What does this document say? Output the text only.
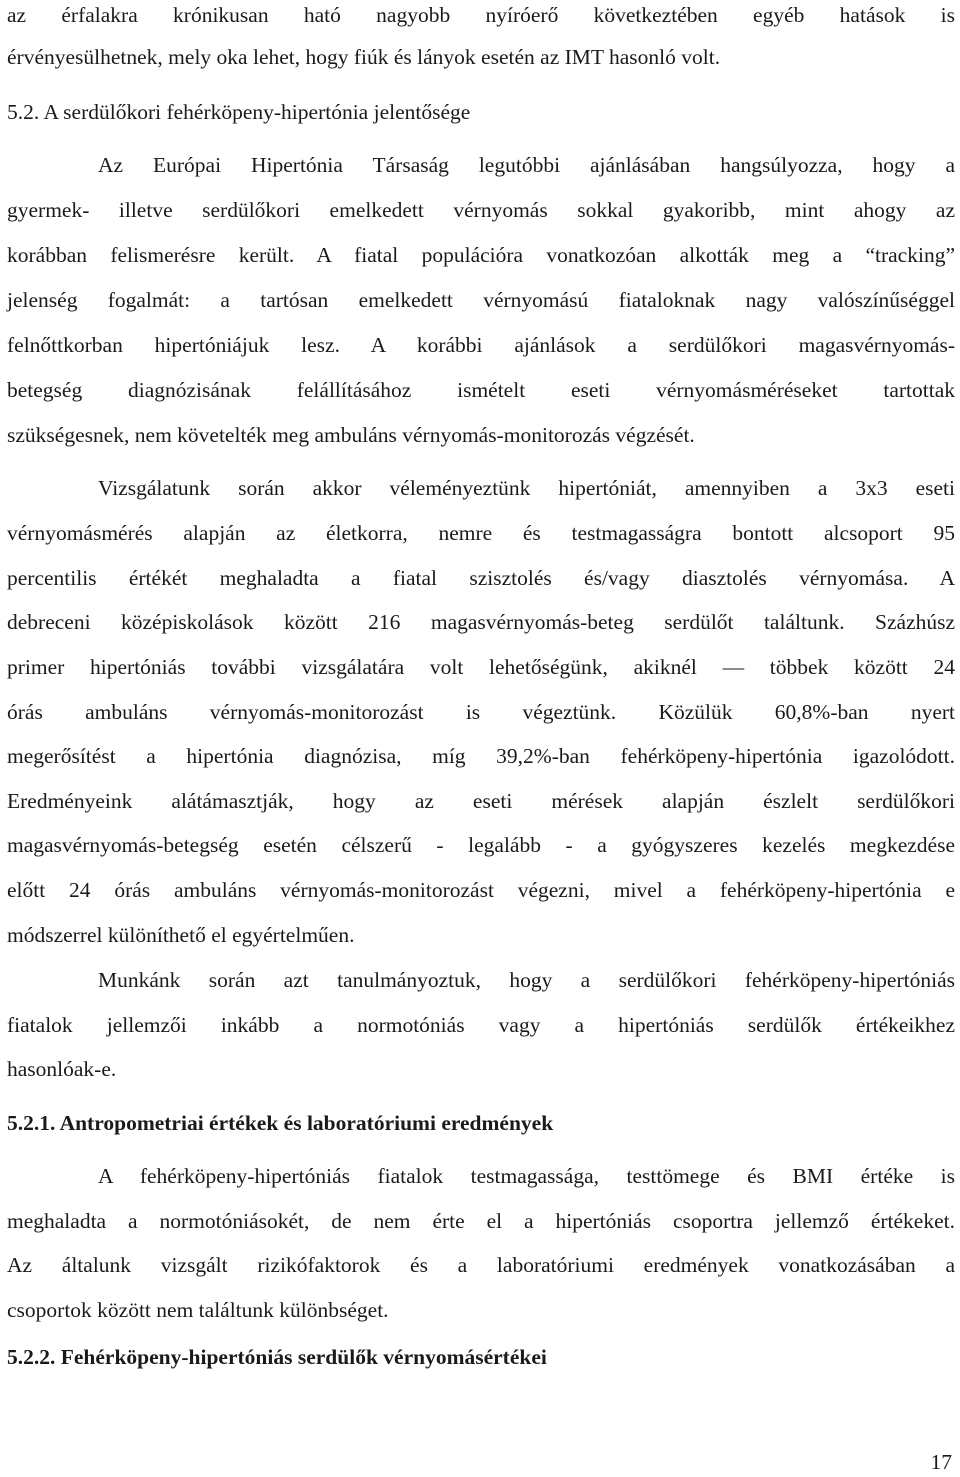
az érfalakra krónikusan ható nagyobb nyíróerő következtében egyéb hatások is
érvényesülhetnek, mely oka lehet, hogy fiúk és lányok esetén az IMT hasonló volt.
5.2. A serdülőkori fehérköpeny-hipertónia jelentősége
Az Európai Hipertónia Társaság legutóbbi ajánlásában hangsúlyozza, hogy a
gyermek- illetve serdülőkori emelkedett vérnyomás sokkal gyakoribb, mint ahogy az
korábban felismerésre került. A fiatal populációra vonatkozóan alkották meg a “tracking”
jelenség fogalmát: a tartósan emelkedett vérnyomású fiataloknak nagy valószínűséggel
felnőttkorban hipertóniájuk lesz. A korábbi ajánlások a serdülőkori magasvérnyomás-
betegség diagnózisának felállításához ismételt eseti vérnyomásméréseket tartottak
szükségesnek, nem követelték meg ambuláns vérnyomás-monitorozás végzését.
Vizsgálatunk során akkor véleményeztünk hipertóniát, amennyiben a 3x3 eseti
vérnyomásmérés alapján az életkorra, nemre és testmagasságra bontott alcsoport 95
percentilis értékét meghaladta a fiatal szisztolés és/vagy diasztolés vérnyomása. A
debreceni középiskolások között 216 magasvérnyomás-beteg serdülőt találtunk. Százhúsz
primer hipertóniás további vizsgálatára volt lehetőségünk, akiknél — többek között 24
órás ambuláns vérnyomás-monitorozást is végeztünk. Közülük 60,8%-ban nyert
megerősítést a hipertónia diagnózisa, míg 39,2%-ban fehérköpeny-hipertónia igazolódott.
Eredményeink alátámasztják, hogy az eseti mérések alapján észlelt serdülőkori
magasvérnyomás-betegség esetén célszerű - legalább - a gyógyszeres kezelés megkezdése
előtt 24 órás ambuláns vérnyomás-monitorozást végezni, mivel a fehérköpeny-hipertónia e
módszerrel különíthető el egyértelműen.
Munkánk során azt tanulmányoztuk, hogy a serdülőkori fehérköpeny-hipertóniás
fiatalok jellemzői inkább a normotóniás vagy a hipertóniás serdülők értékeikhez
hasonlóak-e.
5.2.1. Antropometriai értékek és laboratóriumi eredmények
A fehérköpeny-hipertóniás fiatalok testmagassága, testtömege és BMI értéke is
meghaladta a normotóniásokét, de nem érte el a hipertóniás csoportra jellemző értékeket.
Az általunk vizsgált rizikófaktorok és a laboratóriumi eredmények vonatkozásában a
csoportok között nem találtunk különbséget.
5.2.2. Fehérköpeny-hipertóniás serdülők vérnyomásértékei
17
